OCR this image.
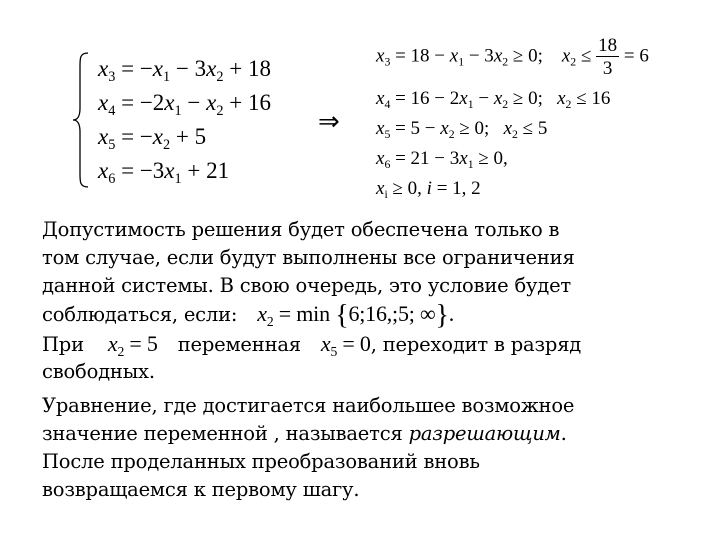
$x_3 = -x_1 - 3x_2 + 18$
$x_4 = -2x_1 - x_2 + 16$
$x_5 = -x_2 + 5$
$x_6 = -3x_1 + 21$
⇒
$x_3 = 18 - x_1 - 3x_2 \ge 0$;    $x_2 \le \frac{18}{3} = 6$
$x_4 = 16 - 2x_1 - x_2 \ge 0$;   $x_2 \le 16$
$x_5 = 5 - x_2 \ge 0$;   $x_2 \le 5$
$x_6 = 21 - 3x_1 \ge 0$,
$x_i \ge 0$, i = 1, 2
Допустимость решения будет обеспечена только в
том случае, если будут выполнены все ограничения
данной системы. В свою очередь, это условие будет
соблюдаться, если: $x_2 = \min$ {6;16,;5; ∞}.
При $x_2 = 5$ переменная $x_5 = 0$, переходит в разряд
свободных.
Уравнение, где достигается наибольшее возможное
значение переменной , называется разрешающим.
После проделанных преобразований вновь
возвращаемся к первому шагу.
